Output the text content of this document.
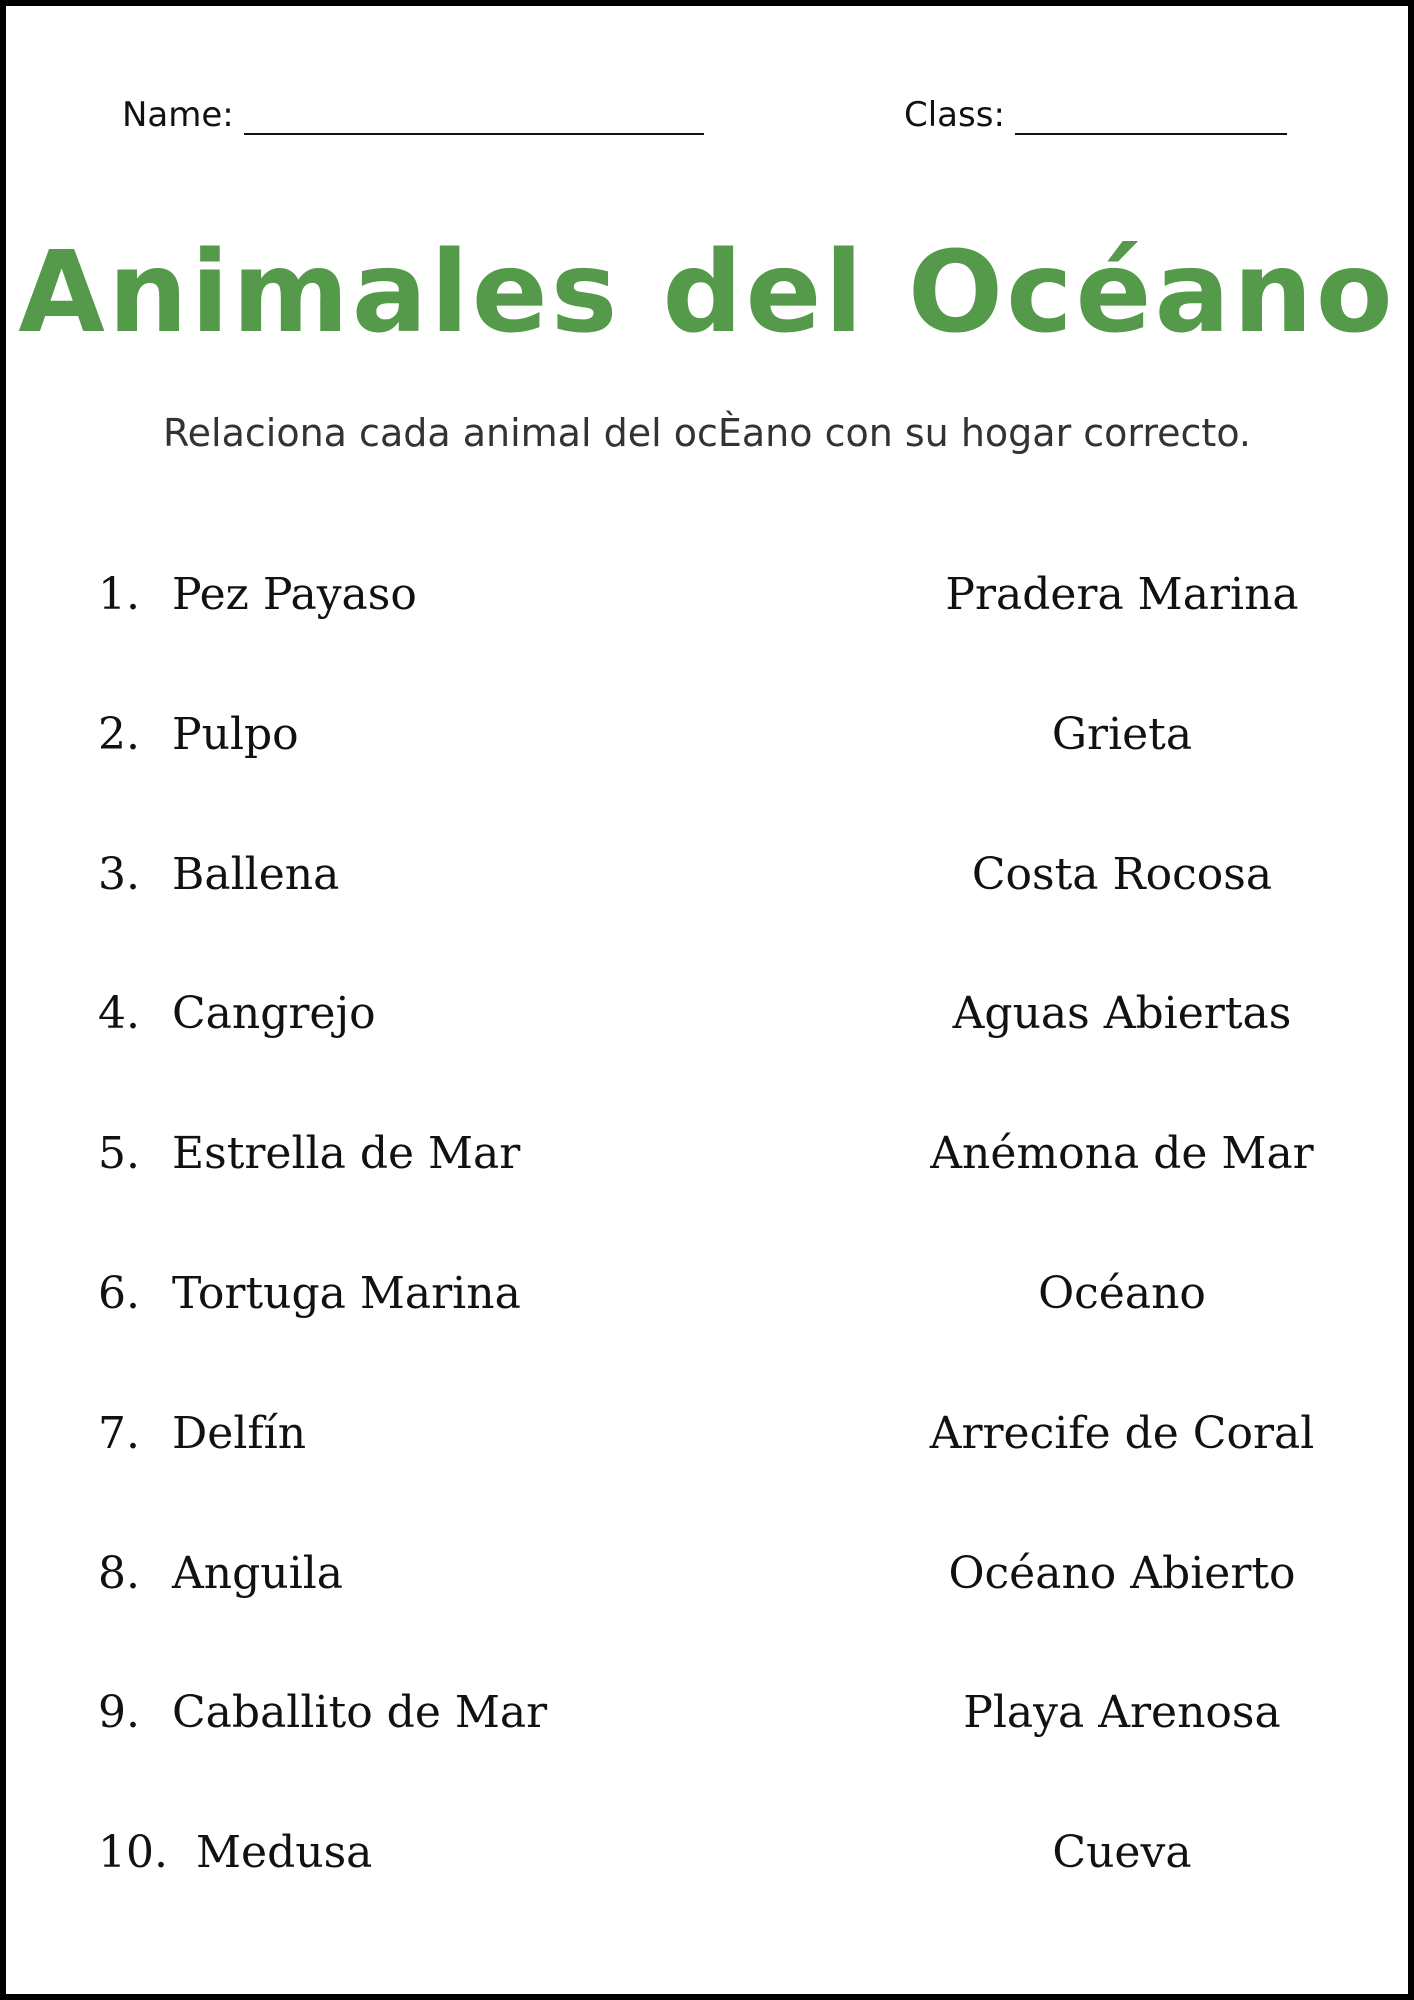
Name:	Class:
Animales del Océano

Relaciona cada animal del ocÈano con su hogar correcto.

1. Pez Payaso	Pradera Marina
2. Pulpo	Grieta
3. Ballena	Costa Rocosa
4. Cangrejo	Aguas Abiertas
5. Estrella de Mar	Anémona de Mar
6. Tortuga Marina	Océano
7. Delfín	Arrecife de Coral
8. Anguila	Océano Abierto
9. Caballito de Mar	Playa Arenosa
10. Medusa	Cueva
